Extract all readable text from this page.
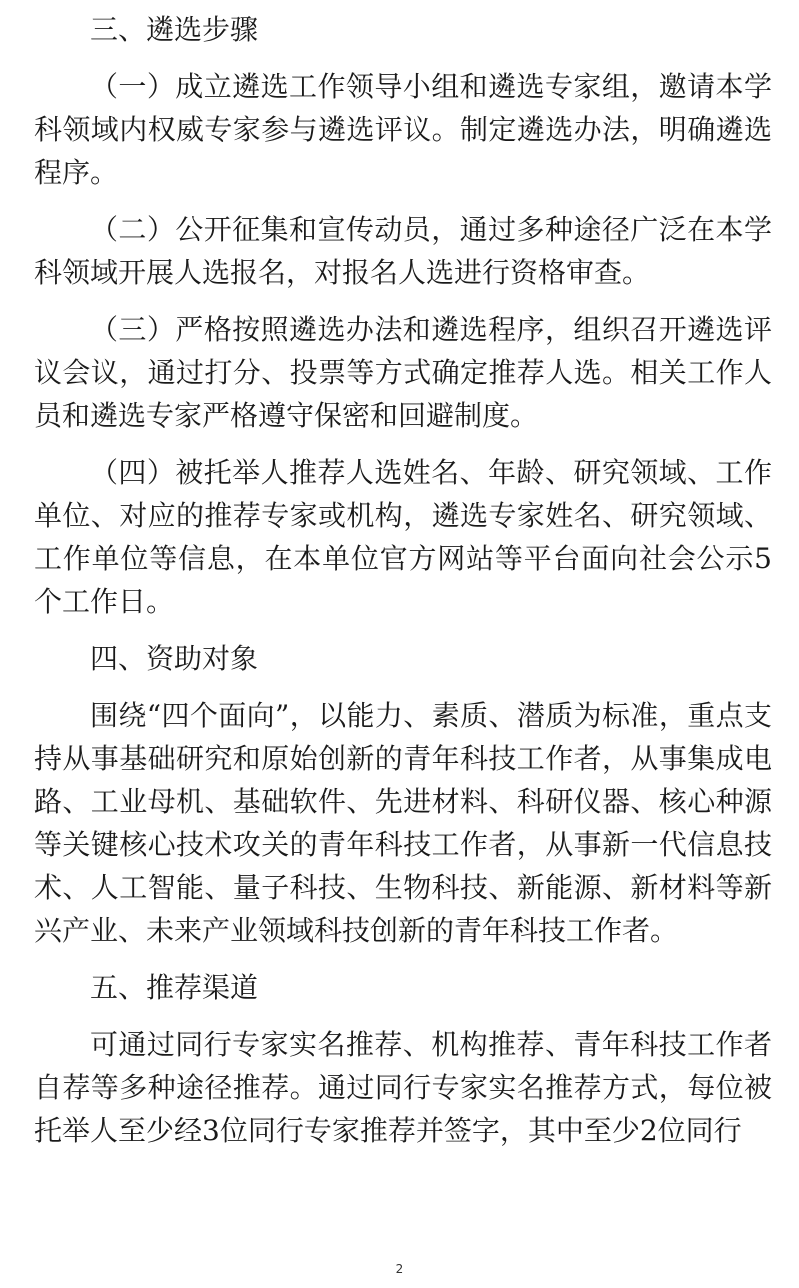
三、遴选步骤

（一）成立遴选工作领导小组和遴选专家组，邀请本学科领域内权威专家参与遴选评议。制定遴选办法，明确遴选程序。

（二）公开征集和宣传动员，通过多种途径广泛在本学科领域开展人选报名，对报名人选进行资格审查。

（三）严格按照遴选办法和遴选程序，组织召开遴选评议会议，通过打分、投票等方式确定推荐人选。相关工作人员和遴选专家严格遵守保密和回避制度。

（四）被托举人推荐人选姓名、年龄、研究领域、工作单位、对应的推荐专家或机构，遴选专家姓名、研究领域、工作单位等信息，在本单位官方网站等平台面向社会公示5个工作日。

四、资助对象

围绕“四个面向”，以能力、素质、潜质为标准，重点支持从事基础研究和原始创新的青年科技工作者，从事集成电路、工业母机、基础软件、先进材料、科研仪器、核心种源等关键核心技术攻关的青年科技工作者，从事新一代信息技术、人工智能、量子科技、生物科技、新能源、新材料等新兴产业、未来产业领域科技创新的青年科技工作者。

五、推荐渠道

可通过同行专家实名推荐、机构推荐、青年科技工作者自荐等多种途径推荐。通过同行专家实名推荐方式，每位被托举人至少经3位同行专家推荐并签字，其中至少2位同行

2
